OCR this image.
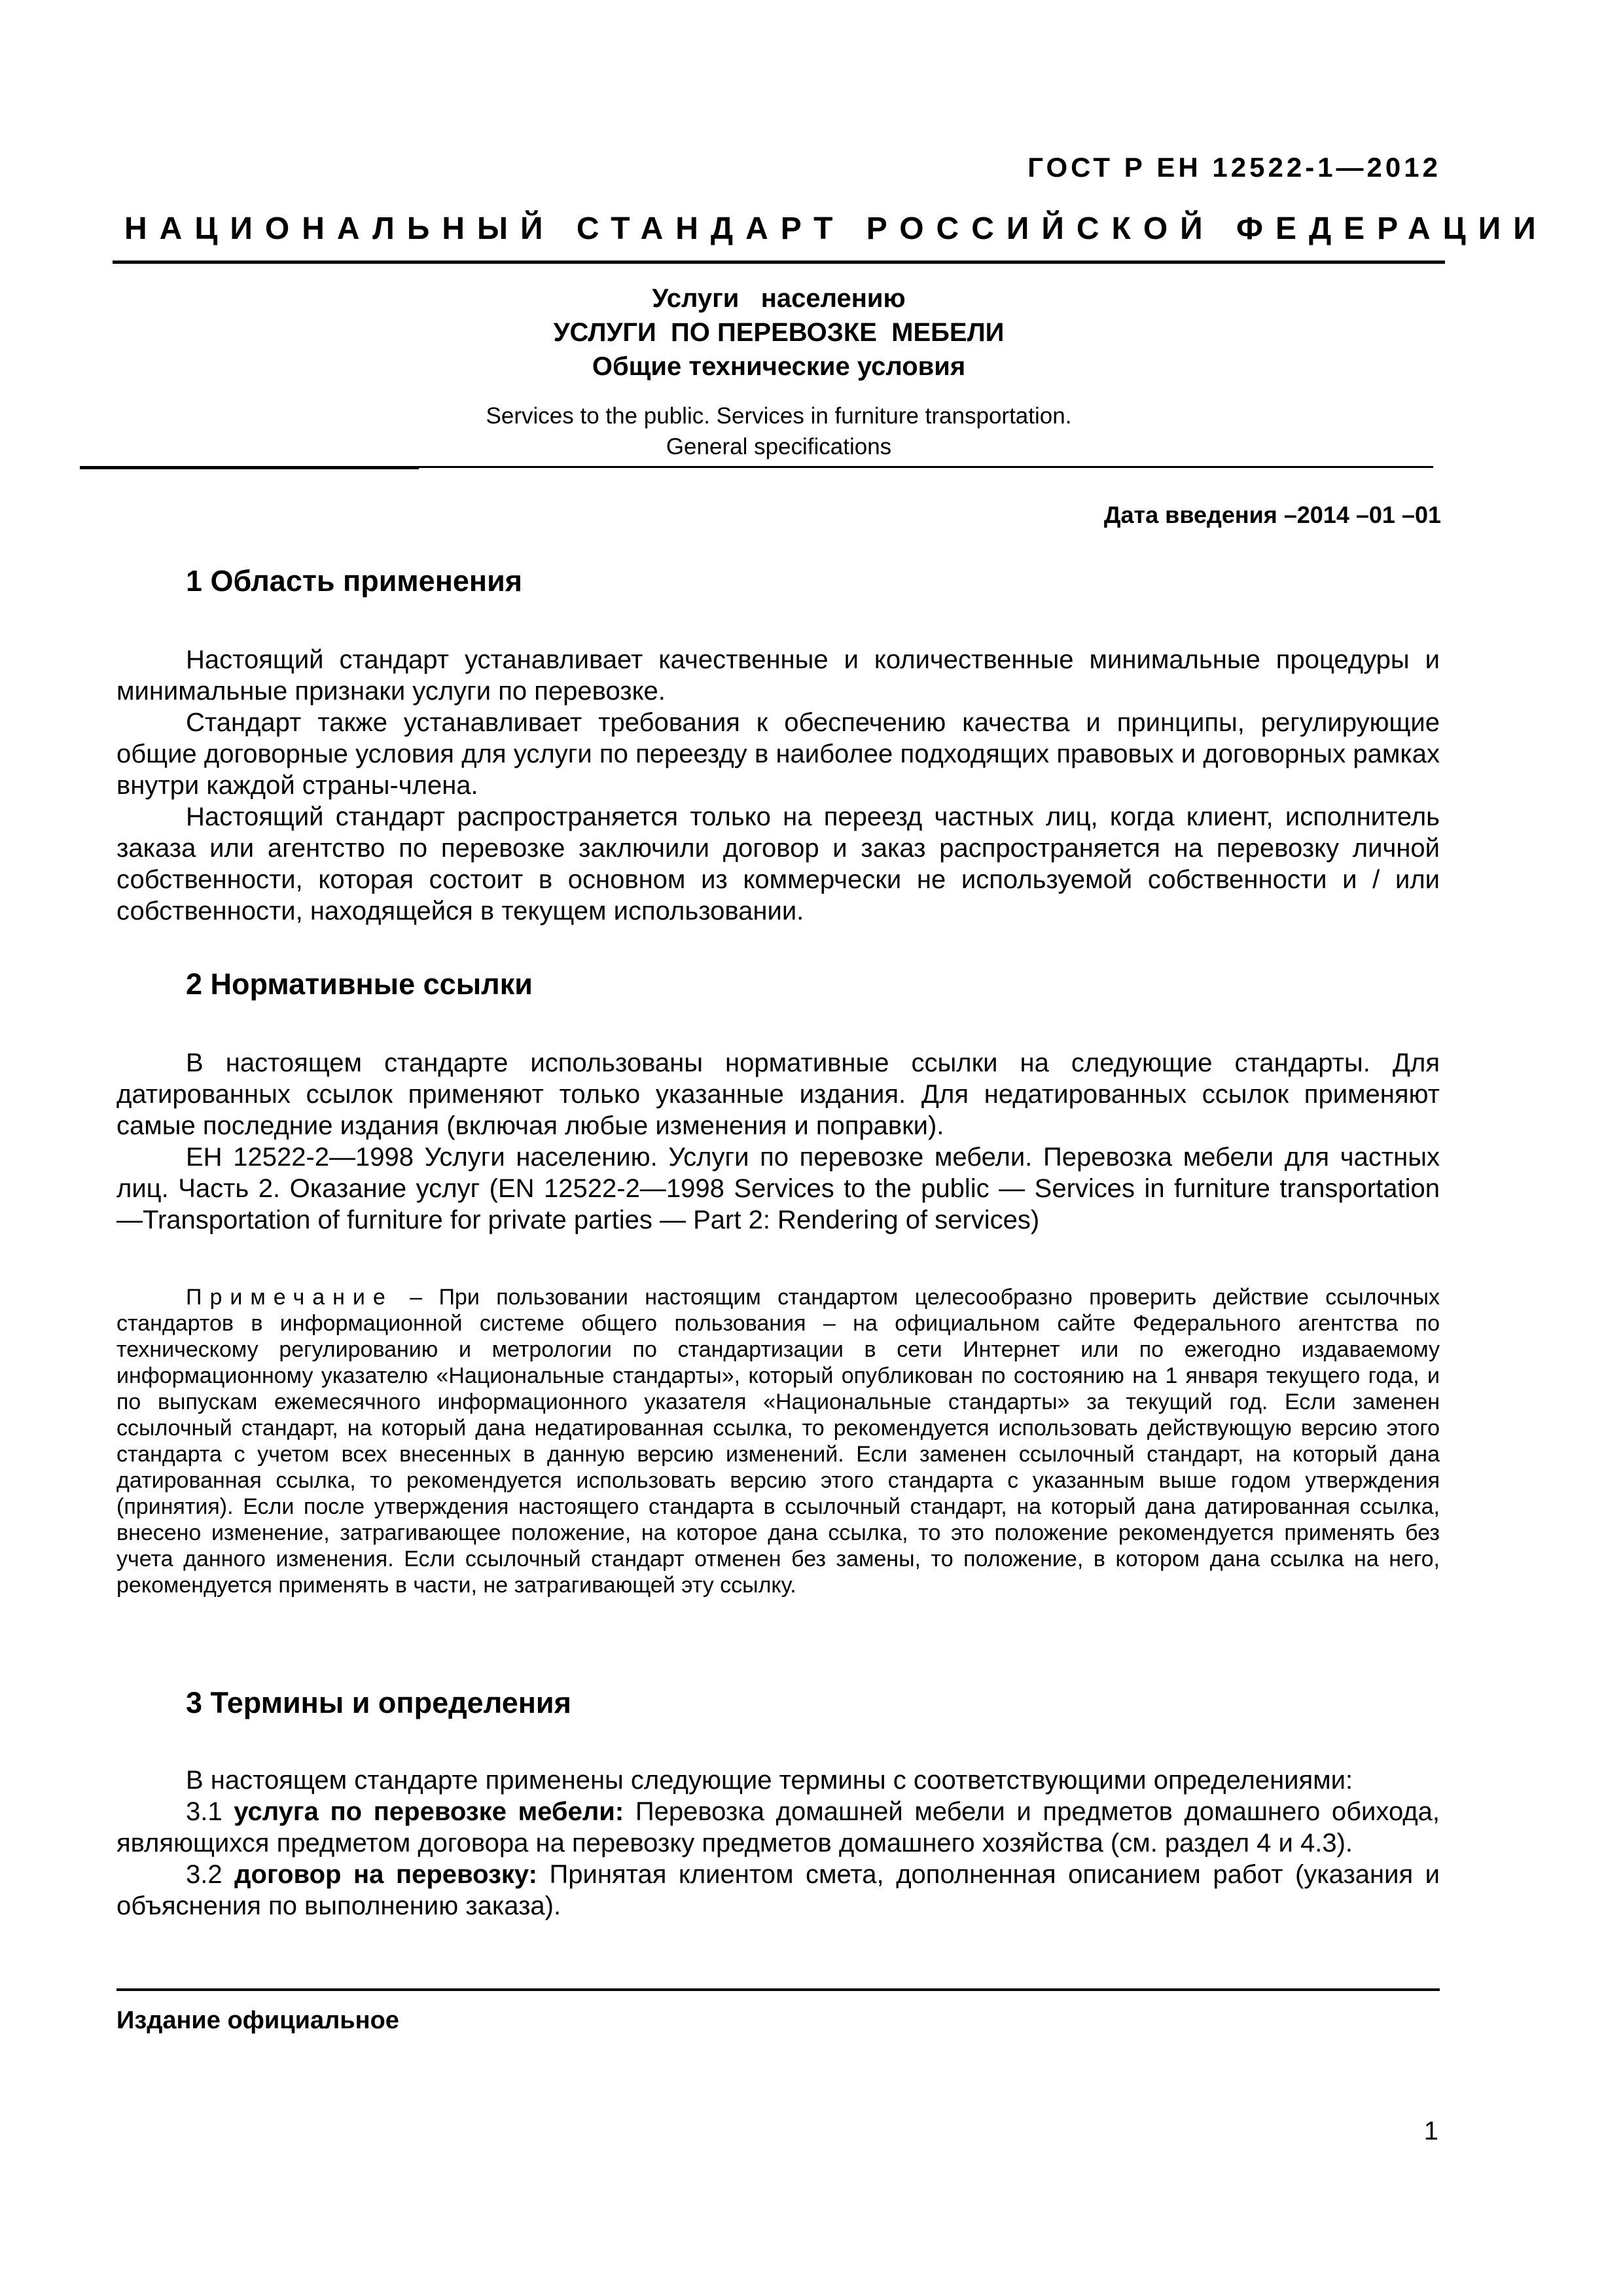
ГОСТ Р ЕН 12522-1—2012
НАЦИОНАЛЬНЫЙ СТАНДАРТ РОССИЙСКОЙ ФЕДЕРАЦИИ
Услуги   населению
УСЛУГИ  ПО ПЕРЕВОЗКЕ  МЕБЕЛИ
Общие технические условия
Services to the public. Services in furniture transportation.
General specifications
Дата введения –2014 –01 –01
1 Область применения

Настоящий стандарт устанавливает качественные и количественные минимальные процедуры и минимальные признаки услуги по перевозке.

Стандарт также устанавливает требования к обеспечению качества и принципы, регулирующие общие договорные условия для услуги по переезду в наиболее подходящих правовых и договорных рамках внутри каждой страны-члена.

Настоящий стандарт распространяется только на переезд частных лиц, когда клиент, исполнитель заказа или агентство по перевозке заключили договор и заказ распространяется на перевозку личной собственности, которая состоит в основном из коммерчески не используемой собственности и / или собственности, находящейся в текущем использовании.

2 Нормативные ссылки

В настоящем стандарте использованы нормативные ссылки на следующие стандарты. Для датированных ссылок применяют только указанные издания. Для недатированных ссылок применяют самые последние издания (включая любые изменения и поправки).

ЕН 12522-2—1998 Услуги населению. Услуги по перевозке мебели. Перевозка мебели для частных лиц. Часть 2. Оказание услуг (EN 12522-2—1998 Services to the public — Services in furniture transportation —Transportation of furniture for private parties — Part 2: Rendering of services)

Примечание – При пользовании настоящим стандартом целесообразно проверить действие ссылочных стандартов в информационной системе общего пользования – на официальном сайте Федерального агентства по техническому регулированию и метрологии по стандартизации в сети Интернет или по ежегодно издаваемому информационному указателю «Национальные стандарты», который опубликован по состоянию на 1 января текущего года, и по выпускам ежемесячного информационного указателя «Национальные стандарты» за текущий год. Если заменен ссылочный стандарт, на который дана недатированная ссылка, то рекомендуется использовать действующую версию этого стандарта с учетом всех внесенных в данную версию изменений. Если заменен ссылочный стандарт, на который дана датированная ссылка, то рекомендуется использовать версию этого стандарта с указанным выше годом утверждения (принятия). Если после утверждения настоящего стандарта в ссылочный стандарт, на который дана датированная ссылка, внесено изменение, затрагивающее положение, на которое дана ссылка, то это положение рекомендуется применять без учета данного изменения. Если ссылочный стандарт отменен без замены, то положение, в котором дана ссылка на него, рекомендуется применять в части, не затрагивающей эту ссылку.

3 Термины и определения

В настоящем стандарте применены следующие термины с соответствующими определениями:

3.1 услуга по перевозке мебели: Перевозка домашней мебели и предметов домашнего обихода, являющихся предметом договора на перевозку предметов домашнего хозяйства (см. раздел 4 и 4.3).

3.2 договор на перевозку: Принятая клиентом смета, дополненная описанием работ (указания и объяснения по выполнению заказа).

Издание официальное
1
